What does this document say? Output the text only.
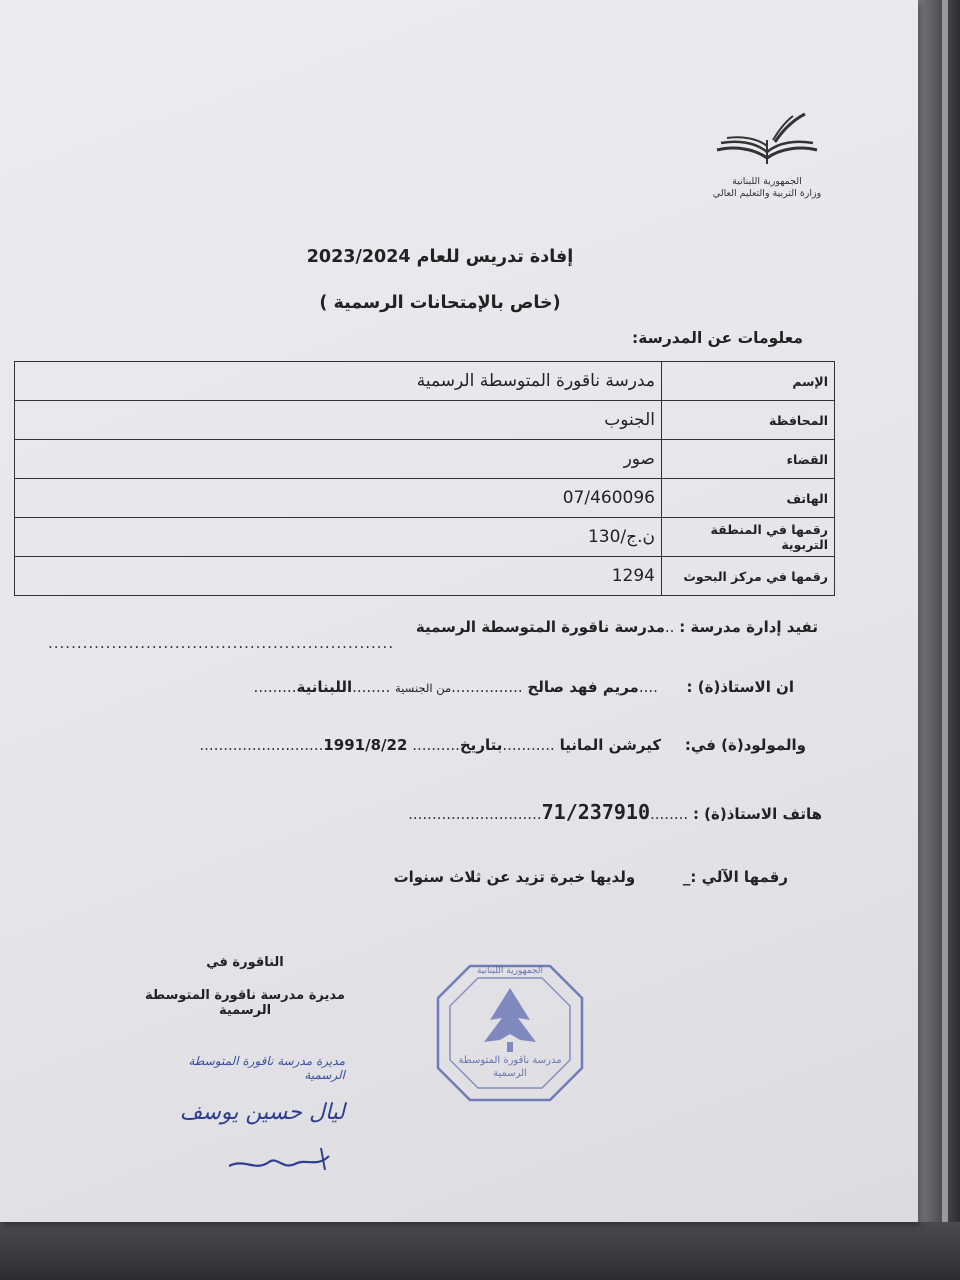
الجمهورية اللبنانية
وزارة التربية والتعليم العالي
إفادة تدريس للعام 2023/2024
(خاص بالإمتحانات الرسمية )
معلومات عن المدرسة:
الإسم	مدرسة ناقورة المتوسطة الرسمية
المحافظة	الجنوب
القضاء	صور
الهاتف	07/460096
رقمها في المنطقة التربوية	ن.ج/130
رقمها في مركز البحوث	1294
تفيد إدارة مدرسة : ..مدرسة ناقورة المتوسطة الرسمية
............................................................
ان الاستاذ(ة) :      ....مريم فهد صالح ...............من الجنسية ........اللبنانية.........
والمولود(ة) في:     كيرشن المانيا ...........بتاريخ.......... 1991/8/22..........................
هاتف الاستاذ(ة) : ........71/237910............................
رقمها الآلي :_          ولديها خبرة تزيد عن ثلاث سنوات
الجمهورية اللبنانية
مدرسة ناقورة المتوسطة الرسمية
الناقورة في
مديرة مدرسة ناقورة المتوسطة الرسمية
مديرة مدرسة ناقورة المتوسطة الرسمية
ليال حسين يوسف
